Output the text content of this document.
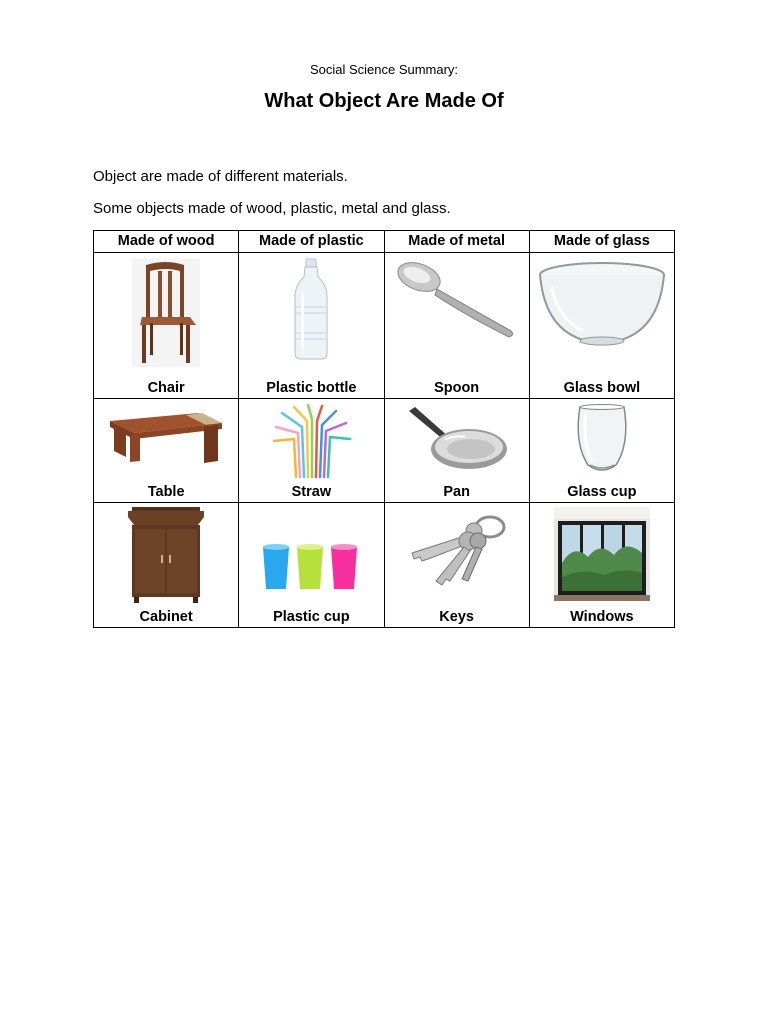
Social Science Summary:
What Object Are Made Of
Object are made of different materials.
Some objects made of wood, plastic, metal and glass.
Made of wood	Made of plastic	Made of metal	Made of glass

Chair	Plastic bottle	Spoon	Glass bowl

Table	Straw	Pan	Glass cup

Cabinet	Plastic cup	Keys	Windows
